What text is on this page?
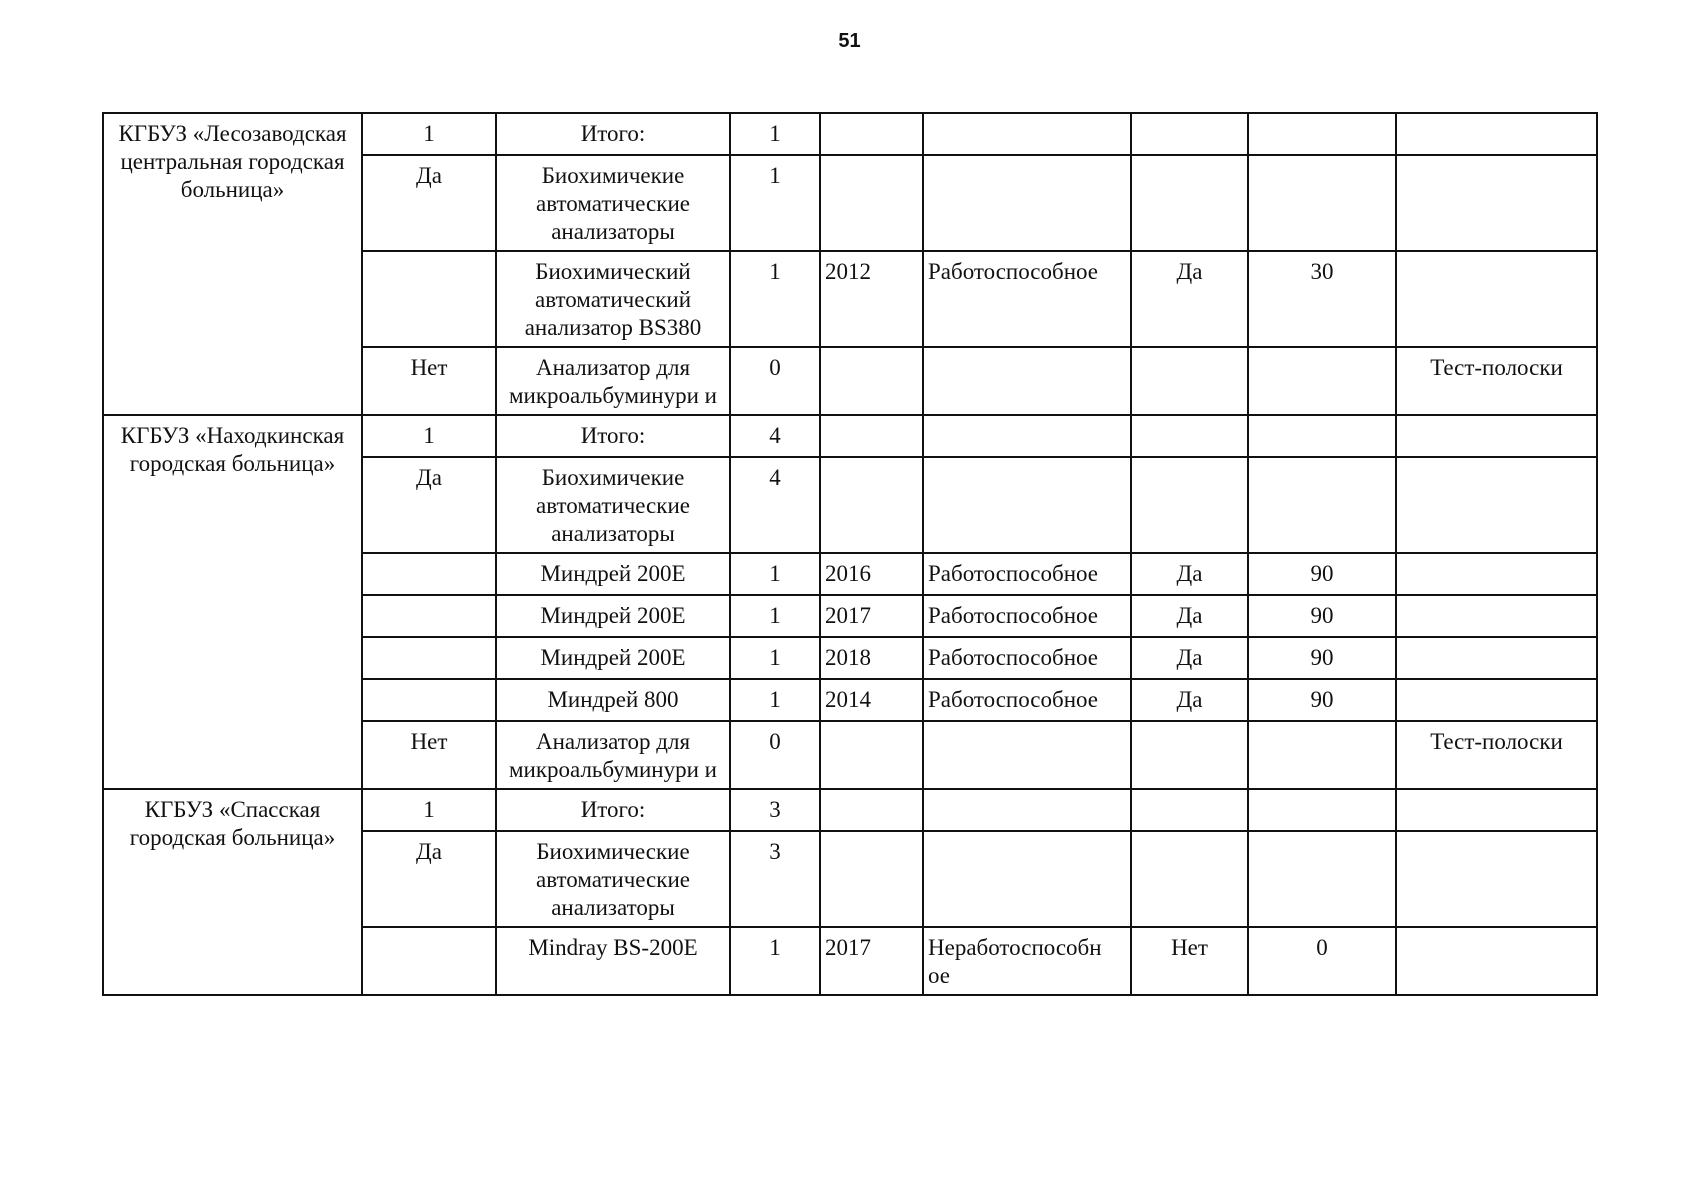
51
КГБУЗ «Лесозаводская центральная городская больница»	1	Итого:	1					
	Да	Биохимичекие автоматические анализаторы	1					
		Биохимический автоматический анализатор BS380	1	2012	Работоспособное	Да	30	
	Нет	Анализатор для микроальбуминури и	0					Тест-полоски
КГБУЗ «Находкинская городская больница»	1	Итого:	4					
	Да	Биохимичекие автоматические анализаторы	4					
		Миндрей 200Е	1	2016	Работоспособное	Да	90	
		Миндрей 200Е	1	2017	Работоспособное	Да	90	
		Миндрей 200Е	1	2018	Работоспособное	Да	90	
		Миндрей 800	1	2014	Работоспособное	Да	90	
	Нет	Анализатор для микроальбуминури и	0					Тест-полоски
КГБУЗ «Спасская городская больница»	1	Итого:	3					
	Да	Биохимические автоматические анализаторы	3					
		Mindray BS-200E	1	2017	Неработоспособн ое	Нет	0	
